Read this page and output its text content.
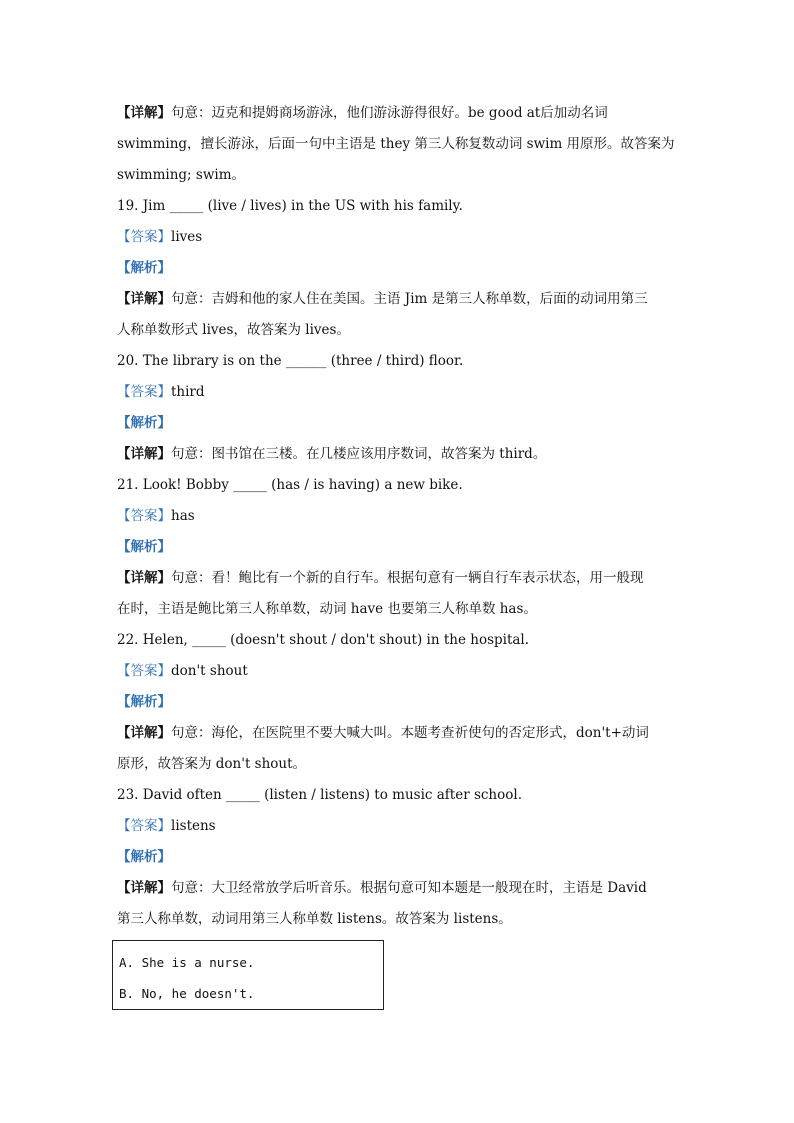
【详解】句意：迈克和提姆商场游泳，他们游泳游得很好。be good at后加动名词
swimming，擅长游泳，后面一句中主语是 they 第三人称复数动词 swim 用原形。故答案为
swimming; swim。
19. Jim _____ (live / lives) in the US with his family.
【答案】lives
【解析】
【详解】句意：吉姆和他的家人住在美国。主语 Jim 是第三人称单数，后面的动词用第三
人称单数形式 lives，故答案为 lives。
20. The library is on the ______ (three / third) floor.
【答案】third
【解析】
【详解】句意：图书馆在三楼。在几楼应该用序数词，故答案为 third。
21. Look! Bobby _____ (has / is having) a new bike.
【答案】has
【解析】
【详解】句意：看！鲍比有一个新的自行车。根据句意有一辆自行车表示状态，用一般现
在时，主语是鲍比第三人称单数，动词 have 也要第三人称单数 has。
22. Helen, _____ (doesn't shout / don't shout) in the hospital.
【答案】don't shout
【解析】
【详解】句意：海伦，在医院里不要大喊大叫。本题考查祈使句的否定形式，don't+动词
原形，故答案为 don't shout。
23. David often _____ (listen / listens) to music after school.
【答案】listens
【解析】
【详解】句意：大卫经常放学后听音乐。根据句意可知本题是一般现在时，主语是 David
第三人称单数，动词用第三人称单数 listens。故答案为 listens。
A. She is a nurse.
B. No, he doesn't.
